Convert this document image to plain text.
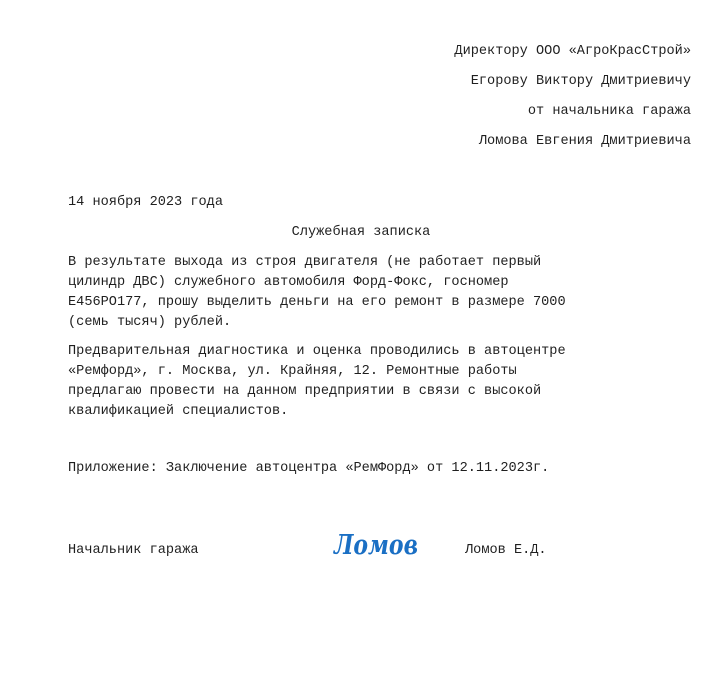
Директору ООО «АгроКрасСтрой»
Егорову Виктору Дмитриевичу
от начальника гаража
Ломова Евгения Дмитриевича
14 ноября 2023 года
Служебная записка
В результате выхода из строя двигателя (не работает первый
цилиндр ДВС) служебного автомобиля Форд-Фокс, госномер
Е456РО177, прошу выделить деньги на его ремонт в размере 7000
(семь тысяч) рублей.
Предварительная диагностика и оценка проводились в автоцентре
«Ремфорд», г. Москва, ул. Крайняя, 12. Ремонтные работы
предлагаю провести на данном предприятии в связи с высокой
квалификацией специалистов.
Приложение: Заключение автоцентра «РемФорд» от 12.11.2023г.
Начальник гаража	Ломов	Ломов Е.Д.
